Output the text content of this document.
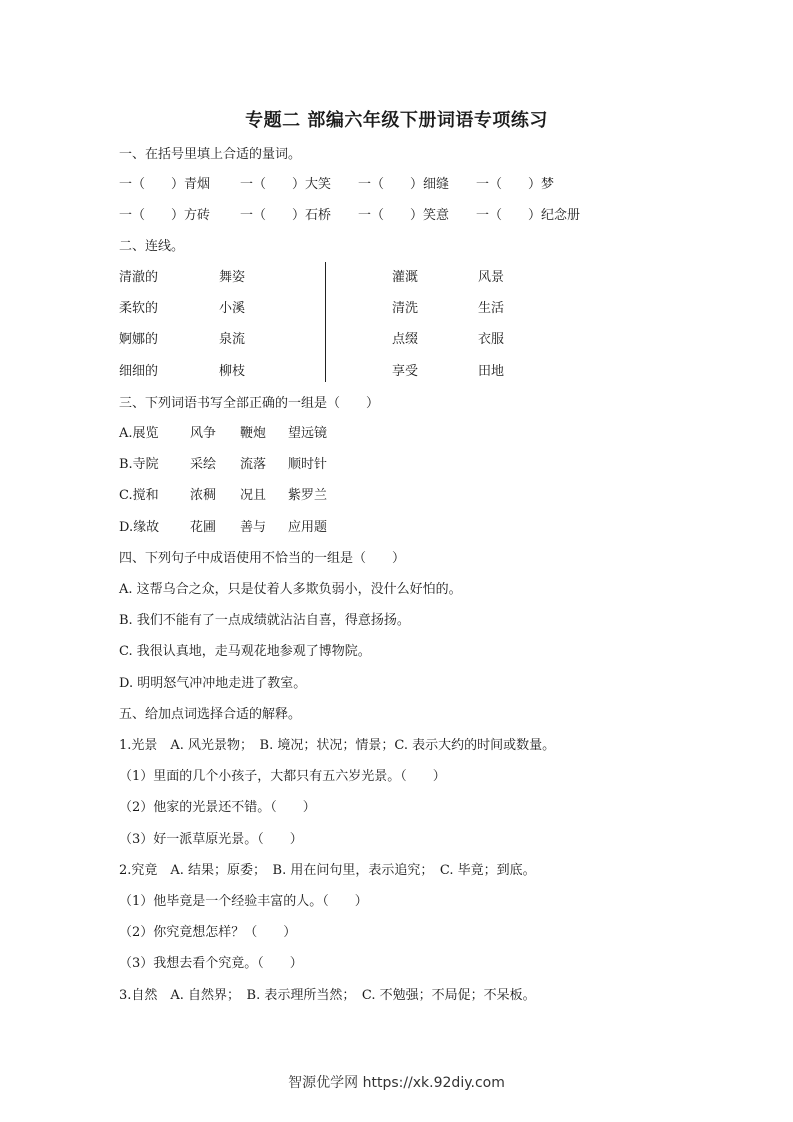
专题二 部编六年级下册词语专项练习
一、在括号里填上合适的量词。
一（　　）青烟 一（　　）大笑 一（　　）细缝 一（　　）梦
一（　　）方砖 一（　　）石桥 一（　　）笑意 一（　　）纪念册
二、连线。
清澈的
柔软的
婀娜的
细细的
舞姿
小溪
泉流
柳枝
灌溉
清洗
点缀
享受
风景
生活
衣服
田地
三、下列词语书写全部正确的一组是（　　）
A.展览 风争 鞭炮 望远镜
B.寺院 采绘 流落 顺时针
C.搅和 浓稠 况且 紫罗兰
D.缘故 花圃 善与 应用题
四、下列句子中成语使用不恰当的一组是（　　）
A. 这帮乌合之众，只是仗着人多欺负弱小，没什么好怕的。
B. 我们不能有了一点成绩就沾沾自喜，得意扬扬。
C. 我很认真地，走马观花地参观了博物院。
D. 明明怒气冲冲地走进了教室。
五、给加点词选择合适的解释。
1.光景　A. 风光景物；　B. 境况；状况；情景；C. 表示大约的时间或数量。
（1）里面的几个小孩子，大都只有五六岁光景。（　　）
（2）他家的光景还不错。（　　）
（3）好一派草原光景。（　　）
2.究竟　A. 结果；原委；　B. 用在问句里，表示追究；　C. 毕竟；到底。
（1）他毕竟是一个经验丰富的人。（　　）
（2）你究竟想怎样？（　　）
（3）我想去看个究竟。（　　）
3.自然　A. 自然界；　B. 表示理所当然；　C. 不勉强；不局促；不呆板。
智源优学网 https://xk.92diy.com
